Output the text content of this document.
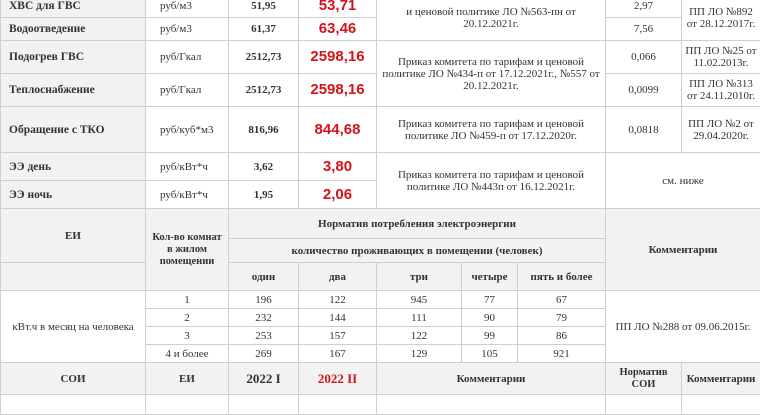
ХВС для ГВС	руб/м3	51,95	53,71	и ценовой политике ЛО №563-пн от 20.12.2021г.			2,97	ПП ЛО №892 от 28.12.2017г.
Водоотведение	руб/м3	61,37	63,46				7,56	
Подогрев ГВС	руб/Гкал	2512,73	2598,16	Приказ комитета по тарифам и ценовой политике ЛО №434-п от 17.12.2021г., №557 от 20.12.2021г.			0,066	ПП ЛО №25 от 11.02.2013г.
Теплоснабжение	руб/Гкал	2512,73	2598,16				0,0099	ПП ЛО №313 от 24.11.2010г.
Обращение с ТКО	руб/куб*м3	816,96	844,68	Приказ комитета по тарифам и ценовой политике ЛО №459-п от 17.12.2020г.			0,0818	ПП ЛО №2 от 29.04.2020г.
ЭЭ день	руб/кВт*ч	3,62	3,80	Приказ комитета по тарифам и ценовой политике ЛО №443п от 16.12.2021г.			см. ниже	
ЭЭ ночь	руб/кВт*ч	1,95	2,06					
ЕИ	Кол-во комнат в жилом помещении	Норматив потребления электроэнергии					Комментарии	
		количество проживающих в помещении (человек)						
		один	два	три	четыре	пять и более		
кВт.ч в месяц на человека	1	196	122	945	77	67	ПП ЛО №288 от 09.06.2015г.	
	2	232	144	111	90	79		
	3	253	157	122	99	86		
	4 и более	269	167	129	105	921		
СОИ	ЕИ	2022 I	2022 II	Комментарии			Норматив СОИ	Комментарии
